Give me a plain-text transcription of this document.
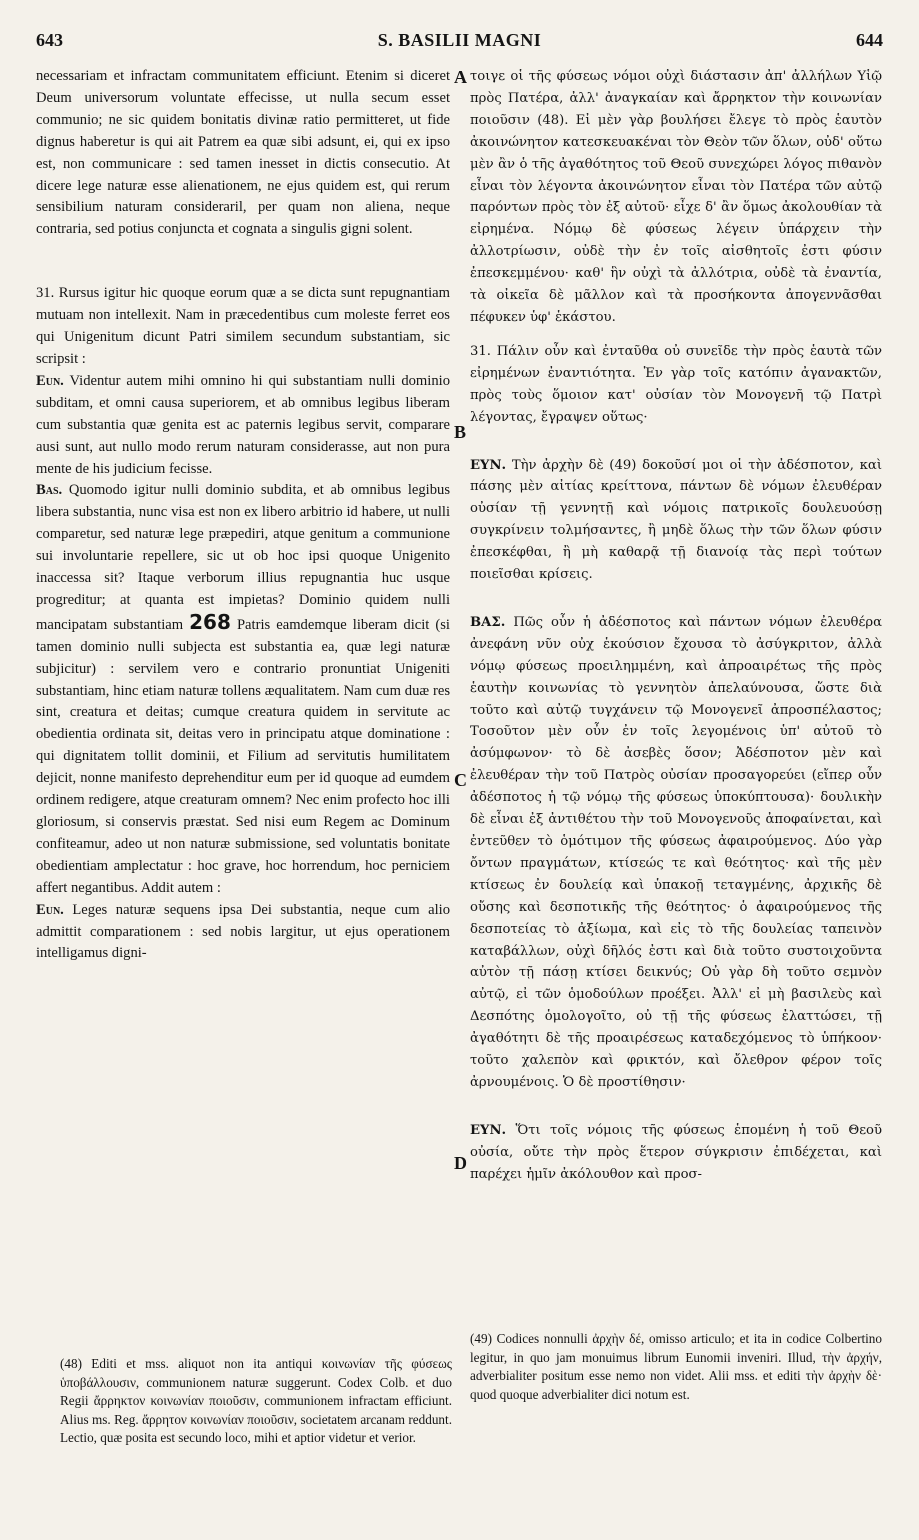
643	S. BASILII MAGNI	644

necessariam et infractam communitatem efficiunt. Etenim si diceret Deum universorum voluntate effecisse, ut nulla secum esset communio; ne sic quidem bonitatis divinæ ratio permitteret, ut fide dignus haberetur is qui ait Patrem ea quæ sibi adsunt, ei, qui ex ipso est, non communicare : sed tamen inesset in dictis consecutio. At dicere lege naturæ esse alienationem, ne ejus quidem est, qui rerum sensibilium naturam consideraril, per quam non aliena, neque contraria, sed potius conjuncta et cognata a singulis gigni solent.

31. Rursus igitur hic quoque eorum quæ a se dicta sunt repugnantiam mutuam non intellexit. Nam in præcedentibus cum moleste ferret eos qui Unigenitum dicunt Patri similem secundum substantiam, sic scripsit :

Eun. Videntur autem mihi omnino hi qui substantiam nulli dominio subditam, et omni causa superiorem, et ab omnibus legibus liberam cum substantia quæ genita est ac paternis legibus servit, comparare ausi sunt, aut nullo modo rerum naturam considerasse, aut non pura mente de his judicium fecisse.

Bas. Quomodo igitur nulli dominio subdita, et ab omnibus legibus libera substantia, nunc visa est non ex libero arbitrio id habere, ut nulli comparetur, sed naturæ lege præpediri, atque genitum a communione sui involuntarie repellere, sic ut ob hoc ipsi quoque Unigenito inaccessa sit? Itaque verborum illius repugnantia huc usque progreditur; at quanta est impietas? Dominio quidem nulli mancipatam substantiam 268 Patris eamdemque liberam dicit (si tamen dominio nulli subjecta est substantia ea, quæ legi naturæ subjicitur) : servilem vero e contrario pronuntiat Unigeniti substantiam, hinc etiam naturæ tollens æqualitatem. Nam cum duæ res sint, creatura et deitas; cumque creatura quidem in servitute ac obedientia ordinata sit, deitas vero in principatu atque dominatione : qui dignitatem tollit dominii, et Filium ad servitutis humilitatem dejicit, nonne manifesto deprehenditur eum per id quoque ad eumdem ordinem redigere, atque creaturam omnem? Nec enim profecto hoc illi gloriosum, si conservis præstat. Sed nisi eum Regem ac Dominum confiteamur, adeo ut non naturæ submissione, sed voluntatis bonitate obedientiam amplectatur : hoc grave, hoc horrendum, hoc perniciem affert negantibus. Addit autem :

Eun. Leges naturæ sequens ipsa Dei substantia, neque cum alio admittit comparationem : sed nobis largitur, ut ejus operationem intelligamus digni-

A
B
C
D

τοιγε οἱ τῆς φύσεως νόμοι οὐχὶ διάστασιν ἀπ' ἀλλήλων Υἱῷ πρὸς Πατέρα, ἀλλ' ἀναγκαίαν καὶ ἄρρηκτον τὴν κοινωνίαν ποιοῦσιν (48). Εἰ μὲν γὰρ βουλήσει ἔλεγε τὸ πρὸς ἑαυτὸν ἀκοινώνητον κατεσκευακέναι τὸν Θεὸν τῶν ὅλων, οὐδ' οὕτω μὲν ἂν ὁ τῆς ἀγαθότητος τοῦ Θεοῦ συνεχώρει λόγος πιθανὸν εἶναι τὸν λέγοντα ἀκοινώνητον εἶναι τὸν Πατέρα τῶν αὐτῷ παρόντων πρὸς τὸν ἐξ αὐτοῦ· εἶχε δ' ἂν ὅμως ἀκολουθίαν τὰ εἰρημένα. Νόμῳ δὲ φύσεως λέγειν ὑπάρχειν τὴν ἀλλοτρίωσιν, οὐδὲ τὴν ἐν τοῖς αἰσθητοῖς ἐστι φύσιν ἐπεσκεμμένου· καθ' ἣν οὐχὶ τὰ ἀλλότρια, οὐδὲ τὰ ἐναντία, τὰ οἰκεῖα δὲ μᾶλλον καὶ τὰ προσήκοντα ἀπογεννᾶσθαι πέφυκεν ὑφ' ἑκάστου.

31. Πάλιν οὖν καὶ ἐνταῦθα οὐ συνεῖδε τὴν πρὸς ἑαυτὰ τῶν εἰρημένων ἐναντιότητα. Ἐν γὰρ τοῖς κατόπιν ἀγανακτῶν, πρὸς τοὺς ὅμοιον κατ' οὐσίαν τὸν Μονογενῆ τῷ Πατρὶ λέγοντας, ἔγραψεν οὕτως·

ΕΥΝ. Τὴν ἀρχὴν δὲ (49) δοκοῦσί μοι οἱ τὴν ἀδέσποτον, καὶ πάσης μὲν αἰτίας κρείττονα, πάντων δὲ νόμων ἐλευθέραν οὐσίαν τῇ γεννητῇ καὶ νόμοις πατρικοῖς δουλευούσῃ συγκρίνειν τολμήσαντες, ἢ μηδὲ ὅλως τὴν τῶν ὅλων φύσιν ἐπεσκέφθαι, ἢ μὴ καθαρᾷ τῇ διανοίᾳ τὰς περὶ τούτων ποιεῖσθαι κρίσεις.

ΒΑΣ. Πῶς οὖν ἡ ἀδέσποτος καὶ πάντων νόμων ἐλευθέρα ἀνεφάνη νῦν οὐχ ἑκούσιον ἔχουσα τὸ ἀσύγκριτον, ἀλλὰ νόμῳ φύσεως προειλημμένη, καὶ ἀπροαιρέτως τῆς πρὸς ἑαυτὴν κοινωνίας τὸ γεννητὸν ἀπελαύνουσα, ὥστε διὰ τοῦτο καὶ αὐτῷ τυγχάνειν τῷ Μονογενεῖ ἀπροσπέλαστος; Τοσοῦτον μὲν οὖν ἐν τοῖς λεγομένοις ὑπ' αὐτοῦ τὸ ἀσύμφωνον· τὸ δὲ ἀσεβὲς ὅσον; Ἀδέσποτον μὲν καὶ ἐλευθέραν τὴν τοῦ Πατρὸς οὐσίαν προσαγορεύει (εἴπερ οὖν ἀδέσποτος ἡ τῷ νόμῳ τῆς φύσεως ὑποκύπτουσα)· δουλικὴν δὲ εἶναι ἐξ ἀντιθέτου τὴν τοῦ Μονογενοῦς ἀποφαίνεται, καὶ ἐντεῦθεν τὸ ὁμότιμον τῆς φύσεως ἀφαιρούμενος. Δύο γὰρ ὄντων πραγμάτων, κτίσεώς τε καὶ θεότητος· καὶ τῆς μὲν κτίσεως ἐν δουλείᾳ καὶ ὑπακοῇ τεταγμένης, ἀρχικῆς δὲ οὔσης καὶ δεσποτικῆς τῆς θεότητος· ὁ ἀφαιρούμενος τῆς δεσποτείας τὸ ἀξίωμα, καὶ εἰς τὸ τῆς δουλείας ταπεινὸν καταβάλλων, οὐχὶ δῆλός ἐστι καὶ διὰ τοῦτο συστοιχοῦντα αὐτὸν τῇ πάσῃ κτίσει δεικνύς; Οὐ γὰρ δὴ τοῦτο σεμνὸν αὐτῷ, εἰ τῶν ὁμοδούλων προέξει. Ἀλλ' εἰ μὴ βασιλεὺς καὶ Δεσπότης ὁμολογοῖτο, οὐ τῇ τῆς φύσεως ἐλαττώσει, τῇ ἀγαθότητι δὲ τῆς προαιρέσεως καταδεχόμενος τὸ ὑπήκοον· τοῦτο χαλεπὸν καὶ φρικτόν, καὶ ὄλεθρον φέρον τοῖς ἀρνουμένοις. Ὁ δὲ προστίθησιν·

ΕΥΝ. Ὅτι τοῖς νόμοις τῆς φύσεως ἑπομένη ἡ τοῦ Θεοῦ οὐσία, οὔτε τὴν πρὸς ἕτερον σύγκρισιν ἐπιδέχεται, καὶ παρέχει ἡμῖν ἀκόλουθον καὶ προσ-

(48) Editi et mss. aliquot non ita antiqui κοινωνίαν τῆς φύσεως ὑποβάλλουσιν, communionem naturæ suggerunt. Codex Colb. et duo Regii ἄρρηκτον κοινωνίαν ποιοῦσιν, communionem infractam efficiunt. Alius ms. Reg. ἄρρητον κοινωνίαν ποιοῦσιν, societatem arcanam reddunt. Lectio, quæ posita est secundo loco, mihi et aptior videtur et verior.

(49) Codices nonnulli ἀρχὴν δέ, omisso articulo; et ita in codice Colbertino legitur, in quo jam monuimus librum Eunomii inveniri. Illud, τὴν ἀρχήν, adverbialiter positum esse nemo non videt. Alii mss. et editi τὴν ἀρχὴν δὲ· quod quoque adverbialiter dici notum est.
